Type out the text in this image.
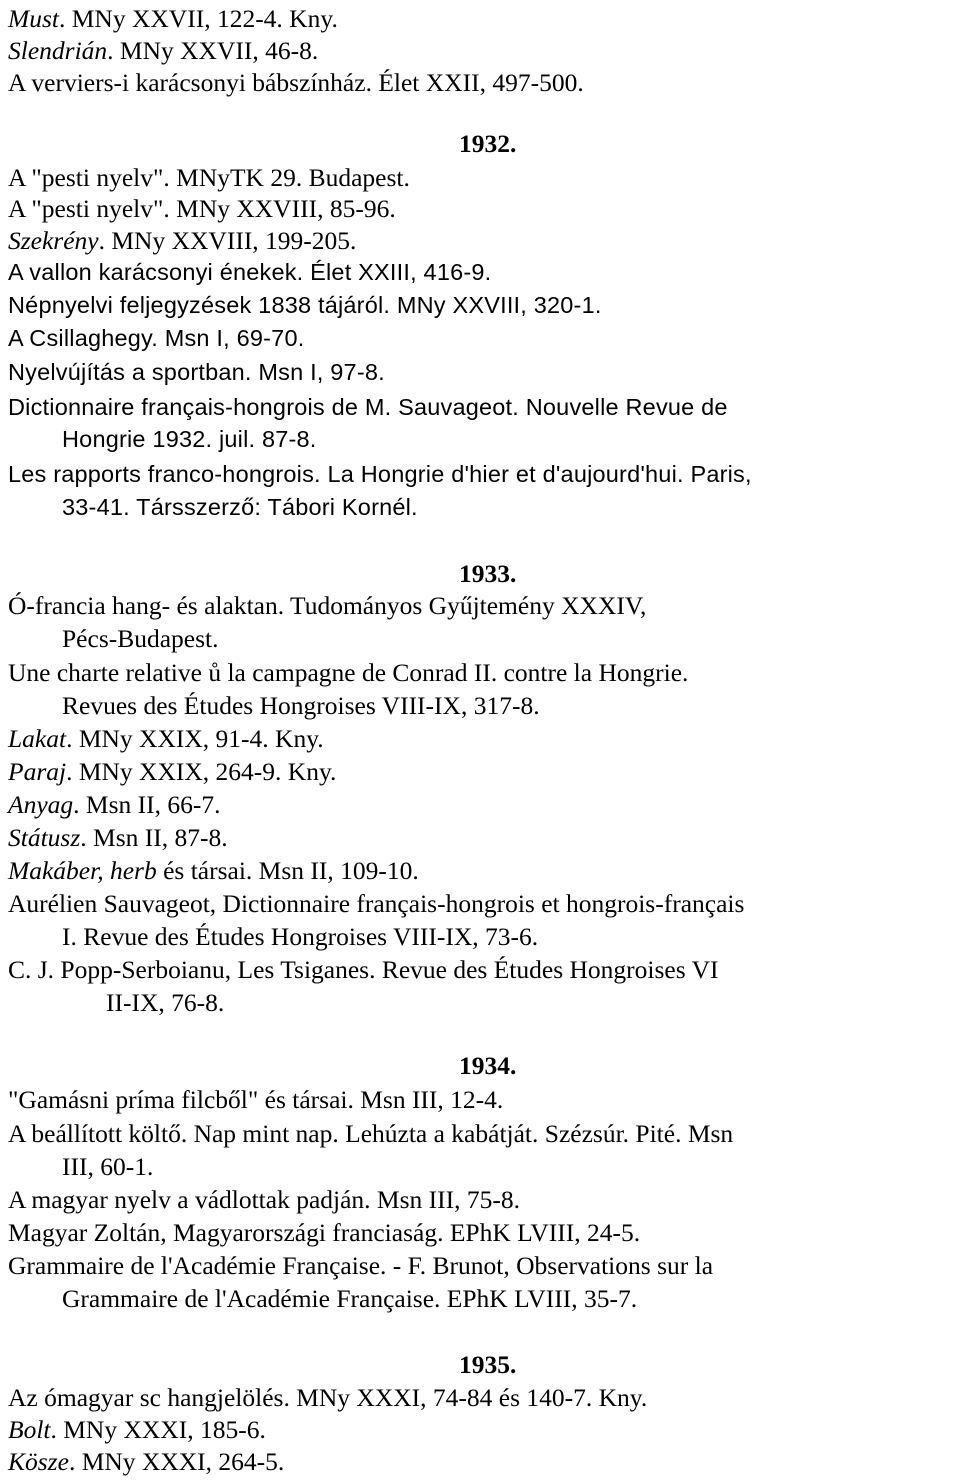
Must. MNy XXVII, 122-4. Kny.
Slendrián. MNy XXVII, 46-8.
A verviers-i karácsonyi bábszínház. Élet XXII, 497-500.
1932.
A "pesti nyelv". MNyTK 29. Budapest.
A "pesti nyelv". MNy XXVIII, 85-96.
Szekrény. MNy XXVIII, 199-205.
A vallon karácsonyi énekek. Élet XXIII, 416-9.
Népnyelvi feljegyzések 1838 tájáról. MNy XXVIII, 320-1.
A Csillaghegy. Msn I, 69-70.
Nyelvújítás a sportban. Msn I, 97-8.
Dictionnaire français-hongrois de M. Sauvageot. Nouvelle Revue de
Hongrie 1932. juil. 87-8.
Les rapports franco-hongrois. La Hongrie d'hier et d'aujourd'hui. Paris,
33-41. Társszerző: Tábori Kornél.
1933.
Ó-francia hang- és alaktan. Tudományos Gyűjtemény XXXIV,
Pécs-Budapest.
Une charte relative ů la campagne de Conrad II. contre la Hongrie.
Revues des Études Hongroises VIII-IX, 317-8.
Lakat. MNy XXIX, 91-4. Kny.
Paraj. MNy XXIX, 264-9. Kny.
Anyag. Msn II, 66-7.
Státusz. Msn II, 87-8.
Makáber, herb és társai. Msn II, 109-10.
Aurélien Sauvageot, Dictionnaire français-hongrois et hongrois-français
I. Revue des Études Hongroises VIII-IX, 73-6.
C. J. Popp-Serboianu, Les Tsiganes. Revue des Études Hongroises VI
II-IX, 76-8.
1934.
"Gamásni príma filcből" és társai. Msn III, 12-4.
A beállított költő. Nap mint nap. Lehúzta a kabátját. Szézsúr. Pité. Msn
III, 60-1.
A magyar nyelv a vádlottak padján. Msn III, 75-8.
Magyar Zoltán, Magyarországi franciaság. EPhK LVIII, 24-5.
Grammaire de l'Académie Française. - F. Brunot, Observations sur la
Grammaire de l'Académie Française. EPhK LVIII, 35-7.
1935.
Az ómagyar sc hangjelölés. MNy XXXI, 74-84 és 140-7. Kny.
Bolt. MNy XXXI, 185-6.
Kösze. MNy XXXI, 264-5.
